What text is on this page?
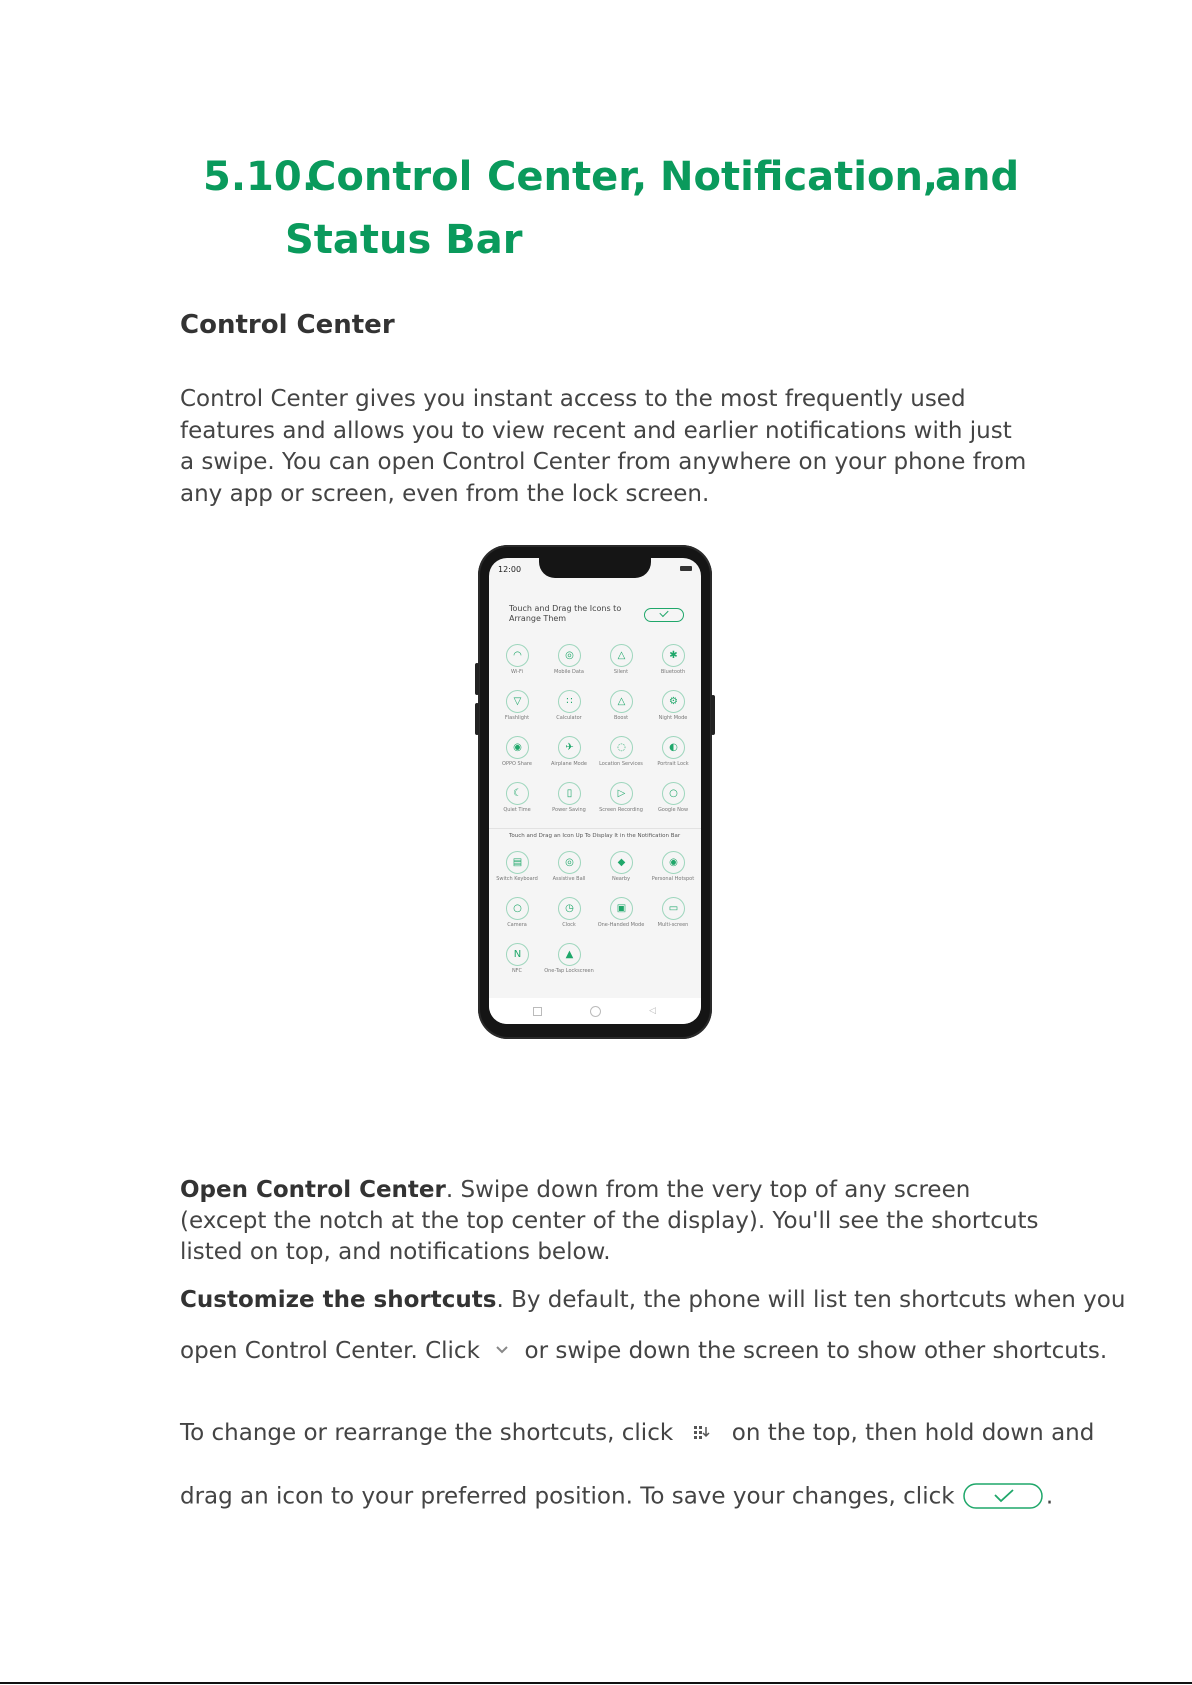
5.10.
Control Center, Notification,
and
Status Bar
Control Center

Control Center gives you instant access to the most frequently used features and allows you to view recent and earlier notifications with just a swipe. You can open Control Center from anywhere on your phone from any app or screen, even from the lock screen.

12:00
Touch and Drag the Icons to Arrange Them
◠
Wi-Fi
◎
Mobile Data
△
Silent
✱
Bluetooth
▽
Flashlight
∷
Calculator
△
Boost
⚙
Night Mode
◉
OPPO Share
✈
Airplane Mode
◌
Location Services
◐
Portrait Lock
☾
Quiet Time
▯
Power Saving
▷
Screen Recording
○
Google Now
Touch and Drag an Icon Up To Display It in the Notification Bar
▤
Switch Keyboard
◎
Assistive Ball
◆
Nearby
◉
Personal Hotspot
○
Camera
◷
Clock
▣
One-Handed Mode
▭
Multi-screen
N
NFC
▲
One-Tap Lockscreen
◁

Open Control Center. Swipe down from the very top of any screen (except the notch at the top center of the display). You'll see the shortcuts listed on top, and notifications below.

Customize the shortcuts. By default, the phone will list ten shortcuts when you
open Control Center. Click or swipe down the screen to show other shortcuts.
To change or rearrange the shortcuts, click	on the top, then hold down and
drag an icon to your preferred position. To save your changes, click	.
